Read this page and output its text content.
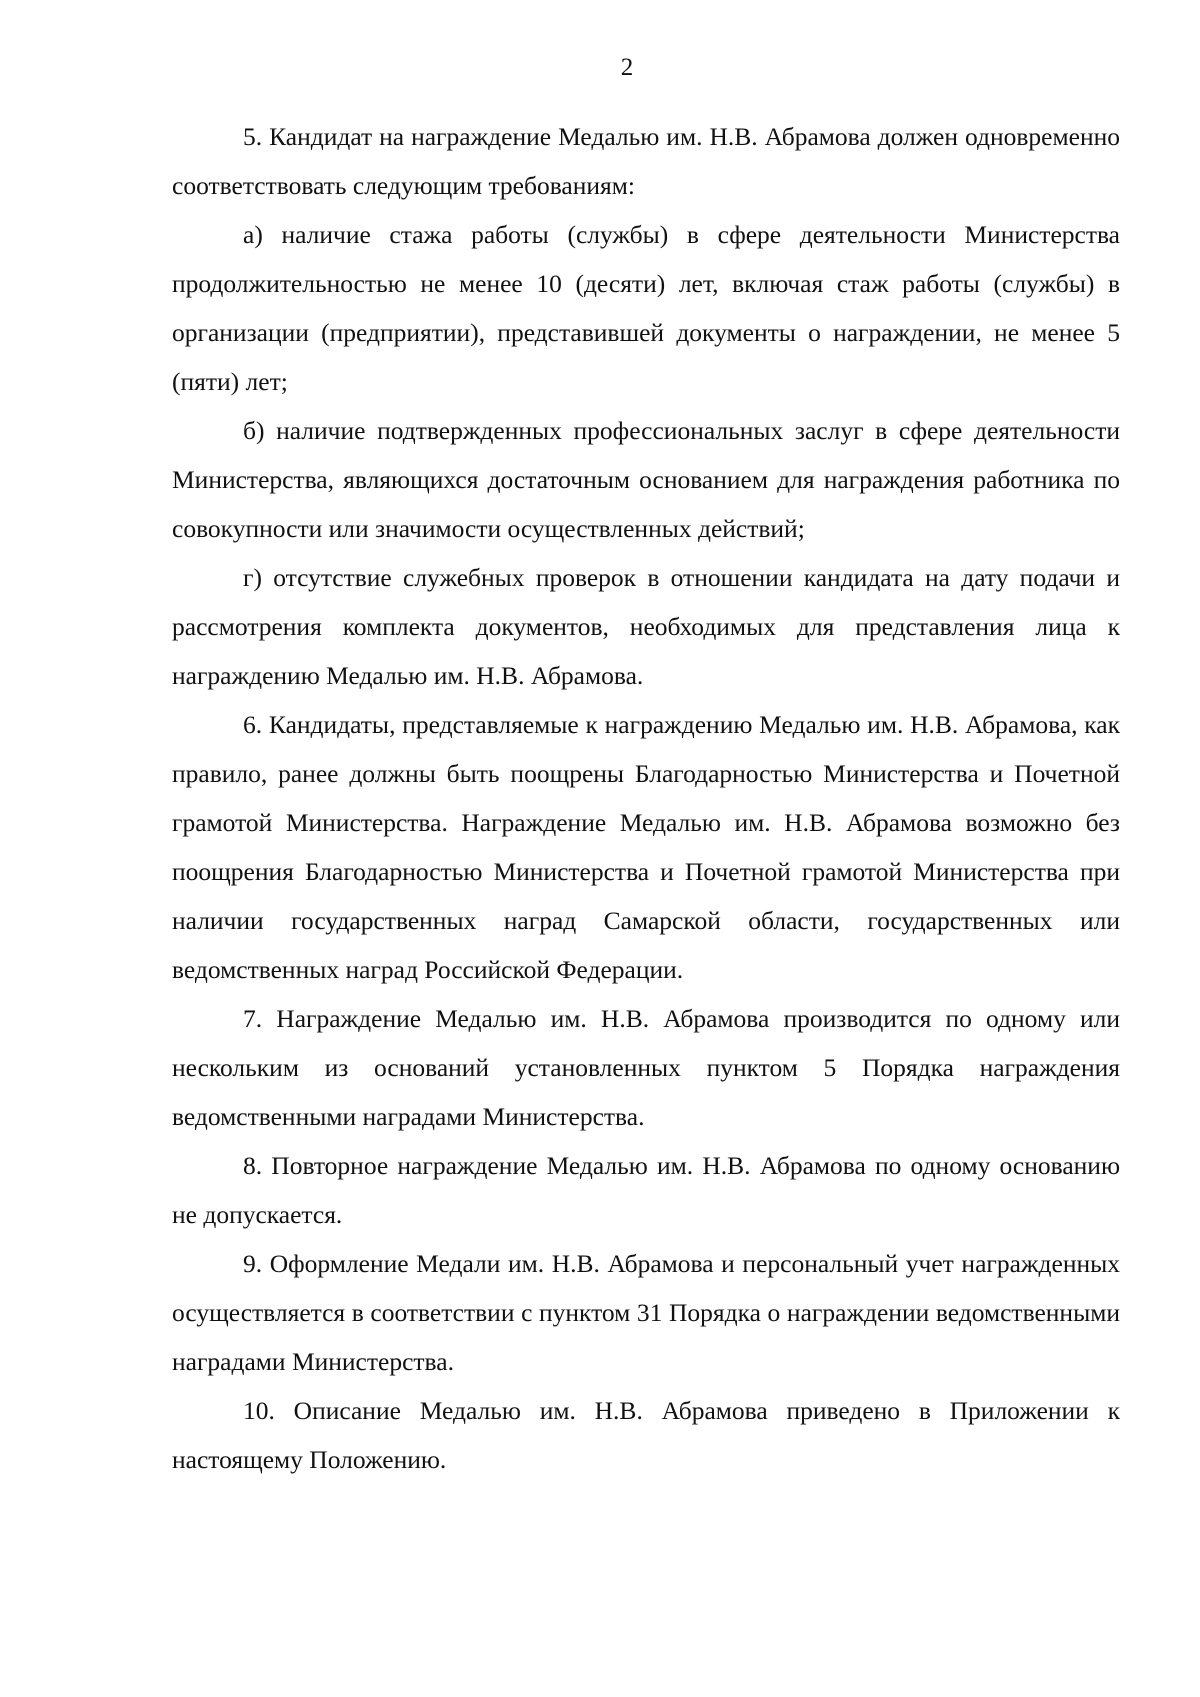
2

5. Кандидат на награждение Медалью им. Н.В. Абрамова должен одновременно соответствовать следующим требованиям:

а) наличие стажа работы (службы) в сфере деятельности Министерства продолжительностью не менее 10 (десяти) лет, включая стаж работы (службы) в организации (предприятии), представившей документы о награждении, не менее 5 (пяти) лет;

б) наличие подтвержденных профессиональных заслуг в сфере деятельности Министерства, являющихся достаточным основанием для награждения работника по совокупности или значимости осуществленных действий;

г) отсутствие служебных проверок в отношении кандидата на дату подачи и рассмотрения комплекта документов, необходимых для представления лица к награждению Медалью им. Н.В. Абрамова.

6. Кандидаты, представляемые к награждению Медалью им. Н.В. Абрамова, как правило, ранее должны быть поощрены Благодарностью Министерства и Почетной грамотой Министерства. Награждение Медалью им. Н.В. Абрамова возможно без поощрения Благодарностью Министерства и Почетной грамотой Министерства при наличии государственных наград Самарской области, государственных или ведомственных наград Российской Федерации.

7. Награждение Медалью им. Н.В. Абрамова производится по одному или нескольким из оснований установленных пунктом 5 Порядка награждения ведомственными наградами Министерства.

8. Повторное награждение Медалью им. Н.В. Абрамова по одному основанию не допускается.

9. Оформление Медали им. Н.В. Абрамова и персональный учет награжденных осуществляется в соответствии с пунктом 31 Порядка о награждении ведомственными наградами Министерства.

10. Описание Медалью им. Н.В. Абрамова приведено в Приложении к настоящему Положению.
